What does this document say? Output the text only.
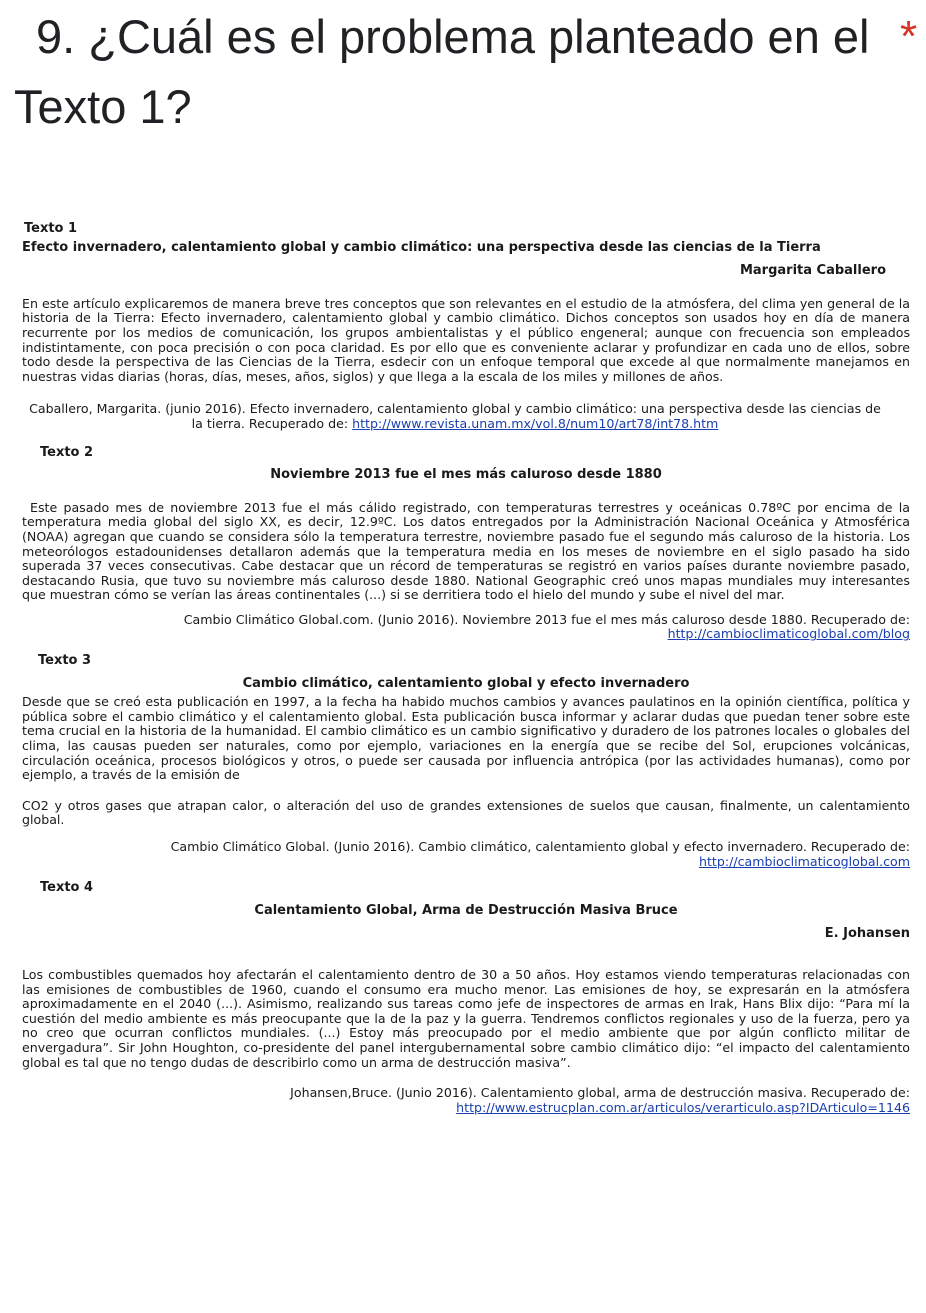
9. ¿Cuál es el problema planteado en el *
Texto 1?

Texto 1

Efecto invernadero, calentamiento global y cambio climático: una perspectiva desde las ciencias de la Tierra

Margarita Caballero

En este artículo explicaremos de manera breve tres conceptos que son relevantes en el estudio de la atmósfera, del clima yen general de la historia de la Tierra: Efecto invernadero, calentamiento global y cambio climático. Dichos conceptos son usados hoy en día de manera recurrente por los medios de comunicación, los grupos ambientalistas y el público engeneral; aunque con frecuencia son empleados indistintamente, con poca precisión o con poca claridad. Es por ello que es conveniente aclarar y profundizar en cada uno de ellos, sobre todo desde la perspectiva de las Ciencias de la Tierra, esdecir con un enfoque temporal que excede al que normalmente manejamos en nuestras vidas diarias (horas, días, meses, años, siglos) y que llega a la escala de los miles y millones de años.

Caballero, Margarita. (junio 2016). Efecto invernadero, calentamiento global y cambio climático: una perspectiva desde las ciencias de la tierra. Recuperado de: http://www.revista.unam.mx/vol.8/num10/art78/int78.htm

Texto 2

Noviembre 2013 fue el mes más caluroso desde 1880

Este pasado mes de noviembre 2013 fue el más cálido registrado, con temperaturas terrestres y oceánicas 0.78ºC por encima de la temperatura media global del siglo XX, es decir, 12.9ºC. Los datos entregados por la Administración Nacional Oceánica y Atmosférica (NOAA) agregan que cuando se considera sólo la temperatura terrestre, noviembre pasado fue el segundo más caluroso de la historia. Los meteorólogos estadounidenses detallaron además que la temperatura media en los meses de noviembre en el siglo pasado ha sido superada 37 veces consecutivas. Cabe destacar que un récord de temperaturas se registró en varios países durante noviembre pasado, destacando Rusia, que tuvo su noviembre más caluroso desde 1880. National Geographic creó unos mapas mundiales muy interesantes que muestran cómo se verían las áreas continentales (...) si se derritiera todo el hielo del mundo y sube el nivel del mar.

Cambio Climático Global.com. (Junio 2016). Noviembre 2013 fue el mes más caluroso desde 1880. Recuperado de:
http://cambioclimaticoglobal.com/blog

Texto 3

Cambio climático, calentamiento global y efecto invernadero

Desde que se creó esta publicación en 1997, a la fecha ha habido muchos cambios y avances paulatinos en la opinión científica, política y pública sobre el cambio climático y el calentamiento global. Esta publicación busca informar y aclarar dudas que puedan tener sobre este tema crucial en la historia de la humanidad. El cambio climático es un cambio significativo y duradero de los patrones locales o globales del clima, las causas pueden ser naturales, como por ejemplo, variaciones en la energía que se recibe del Sol, erupciones volcánicas, circulación oceánica, procesos biológicos y otros, o puede ser causada por influencia antrópica (por las actividades humanas), como por ejemplo, a través de la emisión de

CO2 y otros gases que atrapan calor, o alteración del uso de grandes extensiones de suelos que causan, finalmente, un calentamiento global.

Cambio Climático Global. (Junio 2016). Cambio climático, calentamiento global y efecto invernadero. Recuperado de:
http://cambioclimaticoglobal.com

Texto 4

Calentamiento Global, Arma de Destrucción Masiva Bruce

E. Johansen

Los combustibles quemados hoy afectarán el calentamiento dentro de 30 a 50 años. Hoy estamos viendo temperaturas relacionadas con las emisiones de combustibles de 1960, cuando el consumo era mucho menor. Las emisiones de hoy, se expresarán en la atmósfera aproximadamente en el 2040 (...). Asimismo, realizando sus tareas como jefe de inspectores de armas en Irak, Hans Blix dijo: “Para mí la cuestión del medio ambiente es más preocupante que la de la paz y la guerra. Tendremos conflictos regionales y uso de la fuerza, pero ya no creo que ocurran conflictos mundiales. (...) Estoy más preocupado por el medio ambiente que por algún conflicto militar de envergadura”. Sir John Houghton, co-presidente del panel intergubernamental sobre cambio climático dijo: “el impacto del calentamiento global es tal que no tengo dudas de describirlo como un arma de destrucción masiva”.

Johansen,Bruce. (Junio 2016). Calentamiento global, arma de destrucción masiva. Recuperado de:
http://www.estrucplan.com.ar/articulos/verarticulo.asp?IDArticulo=1146
